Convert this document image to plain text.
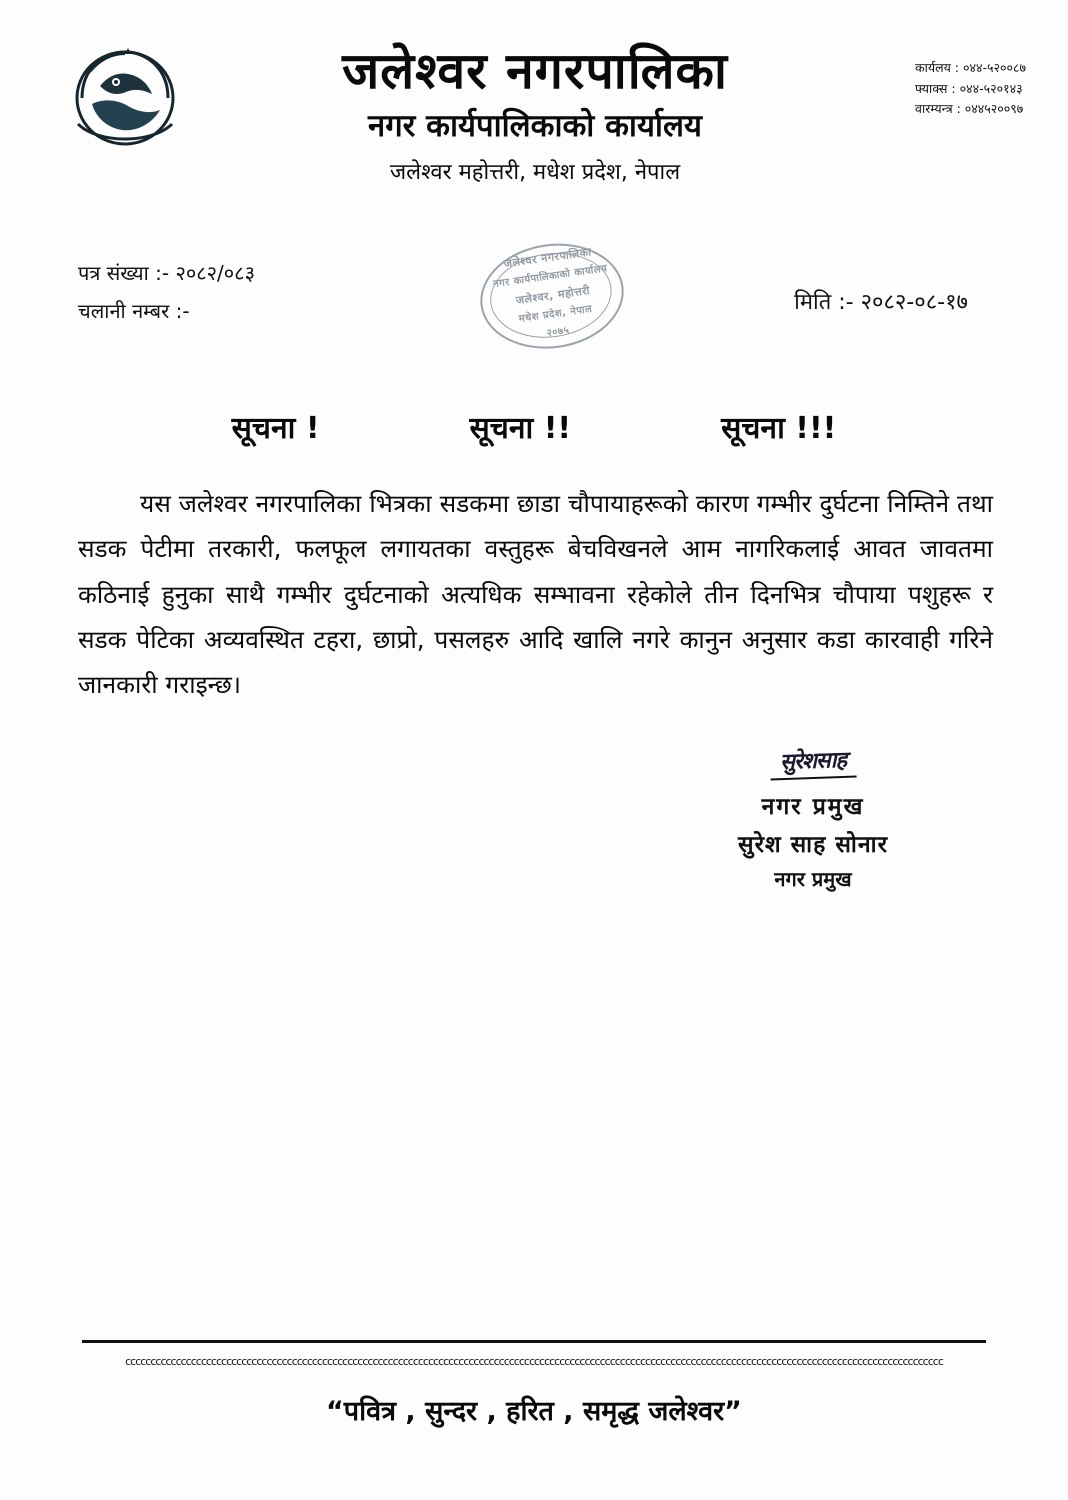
जलेश्वर नगरपालिका
नगर कार्यपालिकाको कार्यालय
जलेश्वर महोत्तरी, मधेश प्रदेश, नेपाल
कार्यलय : ०४४-५२००८७
फ्याक्स : ०४४-५२०१४३
वारम्यन्त्र : ०४४५२००९७
पत्र संख्या :- २०८२/०८३
चलानी नम्बर :-
जलेश्वर नगरपालिका
नगर कार्यपालिकाको कार्यालय
जलेश्वर, महोत्तरी
मधेश प्रदेश, नेपाल
२०७५
मिति :- २०८२-०८-१७
सूचना !	सूचना !!	सूचना !!!
यस जलेश्वर नगरपालिका भित्रका सडकमा छाडा चौपायाहरूको कारण गम्भीर दुर्घटना निम्तिने तथा सडक पेटीमा तरकारी, फलफूल लगायतका वस्तुहरू बेचविखनले आम नागरिकलाई आवत जावतमा कठिनाई हुनुका साथै गम्भीर दुर्घटनाको अत्यधिक सम्भावना रहेकोले तीन दिनभित्र चौपाया पशुहरू र सडक पेटिका अव्यवस्थित टहरा, छाप्रो, पसलहरु आदि खालि नगरे कानुन अनुसार कडा कारवाही गरिने जानकारी गराइन्छ।
सुरेशसाह
नगर प्रमुख
सुरेश साह सोनार
नगर प्रमुख
cccccccccccccccccccccccccccccccccccccccccccccccccccccccccccccccccccccccccccccccccccccccccccccccccccccccccccccccccccccccccccccccccccccccccccccccccccccccccccccccccc
“पवित्र , सुन्दर , हरित , समृद्ध जलेश्वर”
